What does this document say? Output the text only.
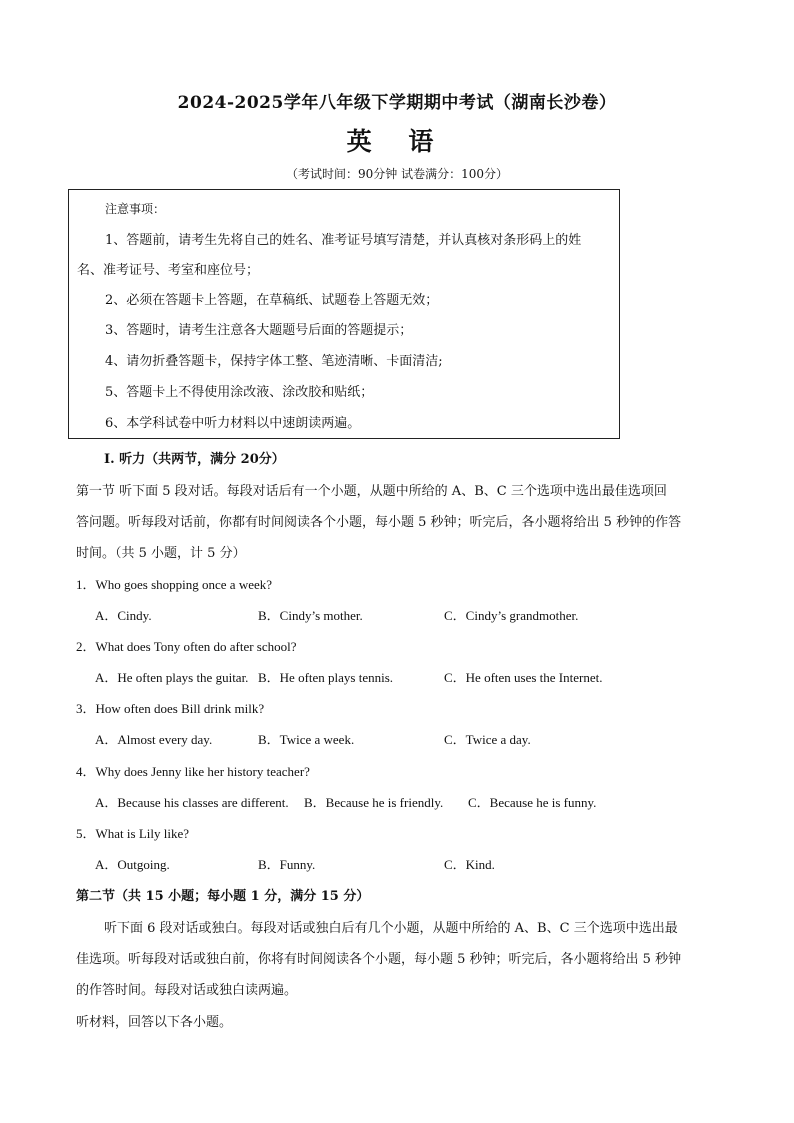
2024-2025学年八年级下学期期中考试（湖南长沙卷）
英 语
（考试时间：90分钟 试卷满分：100分）
注意事项：
1、答题前，请考生先将自己的姓名、准考证号填写清楚，并认真核对条形码上的姓
名、准考证号、考室和座位号；
2、必须在答题卡上答题，在草稿纸、试题卷上答题无效；
3、答题时，请考生注意各大题题号后面的答题提示；
4、请勿折叠答题卡，保持字体工整、笔迹清晰、卡面清洁;
5、答题卡上不得使用涂改液、涂改胶和贴纸；
6、本学科试卷中听力材料以中速朗读两遍。
I. 听力（共两节，满分 20分）
第一节 听下面 5 段对话。每段对话后有一个小题，从题中所给的 A、B、C 三个选项中选出最佳选项回
答问题。听每段对话前，你都有时间阅读各个小题，每小题 5 秒钟；听完后，各小题将给出 5 秒钟的作答
时间。（共 5 小题，计 5 分）
1．Who goes shopping once a week?
A．Cindy.	B．Cindy’s mother.	C．Cindy’s grandmother.
2．What does Tony often do after school?
A．He often plays the guitar. B．He often plays tennis.	C．He often uses the Internet.
3．How often does Bill drink milk?
A．Almost every day.	B．Twice a week.	C．Twice a day.
4．Why does Jenny like her history teacher?
A．Because his classes are different. B．Because he is friendly. C．Because he is funny.
5．What is Lily like?
A．Outgoing.	B．Funny.	C．Kind.
第二节（共 15 小题；每小题 1 分，满分 15 分）
听下面 6 段对话或独白。每段对话或独白后有几个小题，从题中所给的 A、B、C 三个选项中选出最
佳选项。听每段对话或独白前，你将有时间阅读各个小题，每小题 5 秒钟；听完后，各小题将给出 5 秒钟
的作答时间。每段对话或独白读两遍。
听材料，回答以下各小题。
